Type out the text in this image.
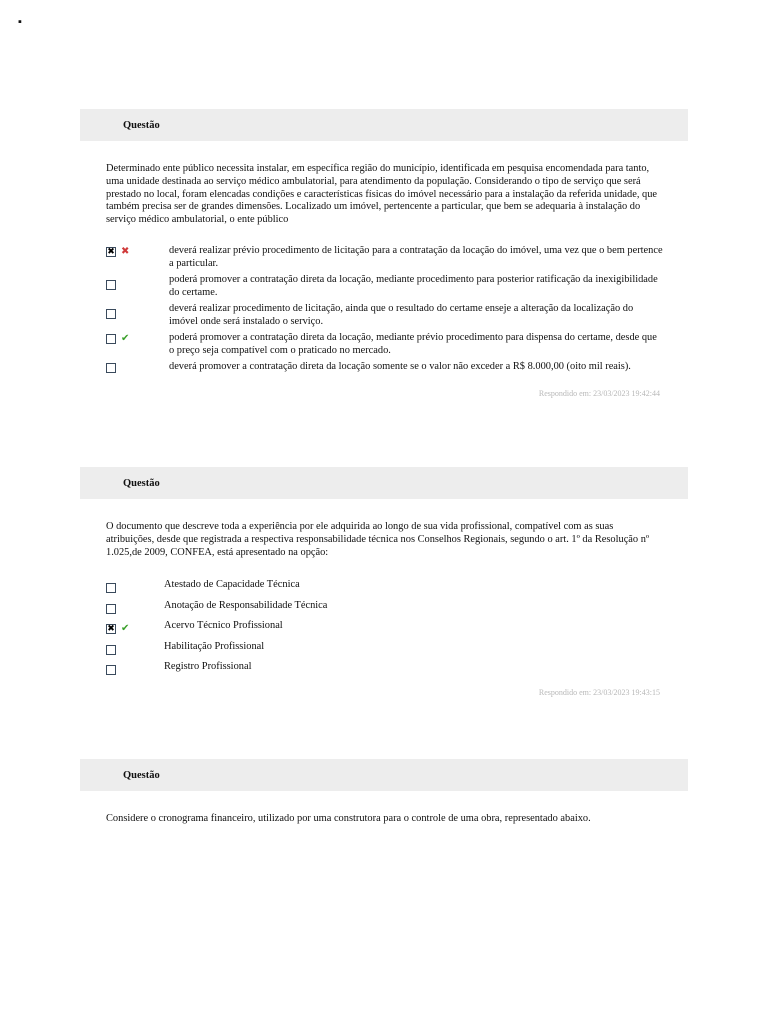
▪
Questão
Determinado ente público necessita instalar, em específica região do município, identificada em pesquisa encomendada para tanto, uma unidade destinada ao serviço médico ambulatorial, para atendimento da população. Considerando o tipo de serviço que será prestado no local, foram elencadas condições e características físicas do imóvel necessário para a instalação da referida unidade, que também precisa ser de grandes dimensões. Localizado um imóvel, pertencente a particular, que bem se adequaria à instalação do serviço médico ambulatorial, o ente público
✖ ✖	deverá realizar prévio procedimento de licitação para a contratação da locação do imóvel, uma vez que o bem pertence a particular.
poderá promover a contratação direta da locação, mediante procedimento para posterior ratificação da inexigibilidade do certame.
deverá realizar procedimento de licitação, ainda que o resultado do certame enseje a alteração da localização do imóvel onde será instalado o serviço.
✔	poderá promover a contratação direta da locação, mediante prévio procedimento para dispensa do certame, desde que o preço seja compatível com o praticado no mercado.
deverá promover a contratação direta da locação somente se o valor não exceder a R$ 8.000,00 (oito mil reais).
Respondido em: 23/03/2023 19:42:44
Questão
O documento que descreve toda a experiência por ele adquirida ao longo de sua vida profissional, compatível com as suas atribuições, desde que registrada a respectiva responsabilidade técnica nos Conselhos Regionais, segundo o art. 1º da Resolução nº 1.025,de 2009, CONFEA, está apresentado na opção:
Atestado de Capacidade Técnica
Anotação de Responsabilidade Técnica
✖ ✔	Acervo Técnico Profissional
Habilitação Profissional
Registro Profissional
Respondido em: 23/03/2023 19:43:15
Questão
Considere o cronograma financeiro, utilizado por uma construtora para o controle de uma obra, representado abaixo.
